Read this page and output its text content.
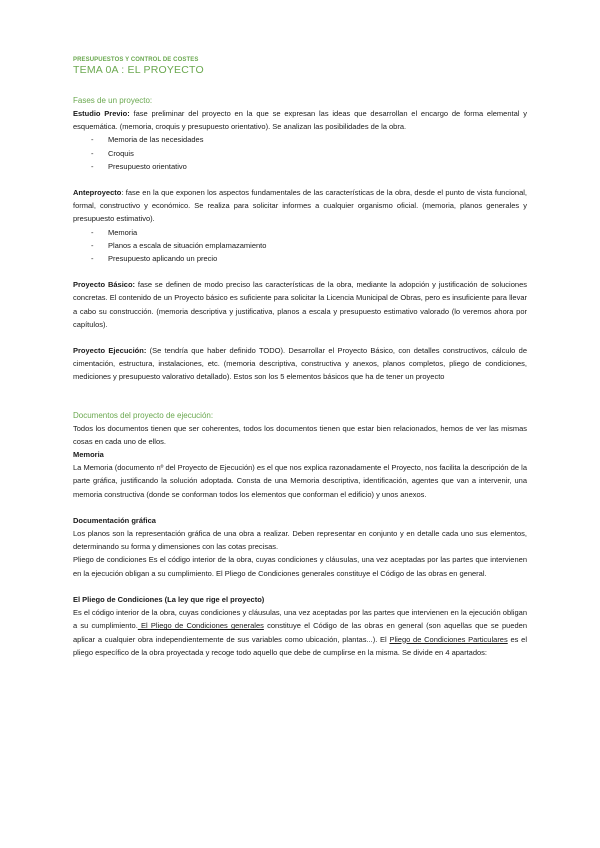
PRESUPUESTOS Y CONTROL DE COSTES
TEMA 0A : EL PROYECTO
Fases de un proyecto:

Estudio Previo: fase preliminar del proyecto en la que se expresan las ideas que desarrollan el encargo de forma elemental y esquemática. (memoria, croquis y presupuesto orientativo). Se analizan las posibilidades de la obra.

- Memoria de las necesidades
- Croquis
- Presupuesto orientativo

Anteproyecto: fase en la que exponen los aspectos fundamentales de las características de la obra, desde el punto de vista funcional, formal, constructivo y económico. Se realiza para solicitar informes a cualquier organismo oficial. (memoria, planos generales y presupuesto estimativo).

- Memoria
- Planos a escala de situación emplamazamiento
- Presupuesto aplicando un precio

Proyecto Básico: fase se definen de modo preciso las características de la obra, mediante la adopción y justificación de soluciones concretas. El contenido de un Proyecto básico es suficiente para solicitar la Licencia Municipal de Obras, pero es insuficiente para llevar a cabo su construcción. (memoria descriptiva y justificativa, planos a escala y presupuesto estimativo valorado (lo veremos ahora por capítulos).

Proyecto Ejecución: (Se tendría que haber definido TODO). Desarrollar el Proyecto Básico, con detalles constructivos, cálculo de cimentación, estructura, instalaciones, etc. (memoria descriptiva, constructiva y anexos, planos completos, pliego de condiciones, mediciones y presupuesto valorativo detallado). Estos son los 5 elementos básicos que ha de tener un proyecto

Documentos del proyecto de ejecución:

Todos los documentos tienen que ser coherentes, todos los documentos tienen que estar bien relacionados, hemos de ver las mismas cosas en cada uno de ellos.

Memoria

La Memoria (documento nº del Proyecto de Ejecución) es el que nos explica razonadamente el Proyecto, nos facilita la descripción de la parte gráfica, justificando la solución adoptada. Consta de una Memoria descriptiva, identificación, agentes que van a intervenir, una memoria constructiva (donde se conforman todos los elementos que conforman el edificio) y unos anexos.

Documentación gráfica

Los planos son la representación gráfica de una obra a realizar. Deben representar en conjunto y en detalle cada uno sus elementos, determinando su forma y dimensiones con las cotas precisas.

Pliego de condiciones Es el código interior de la obra, cuyas condiciones y cláusulas, una vez aceptadas por las partes que intervienen en la ejecución obligan a su cumplimiento. El Pliego de Condiciones generales constituye el Código de las obras en general.

El Pliego de Condiciones (La ley que rige el proyecto)

Es el código interior de la obra, cuyas condiciones y cláusulas, una vez aceptadas por las partes que intervienen en la ejecución obligan a su cumplimiento. El Pliego de Condiciones generales constituye el Código de las obras en general (son aquellas que se pueden aplicar a cualquier obra independientemente de sus variables como ubicación, plantas...). El Pliego de Condiciones Particulares es el pliego específico de la obra proyectada y recoge todo aquello que debe de cumplirse en la misma. Se divide en 4 apartados:
